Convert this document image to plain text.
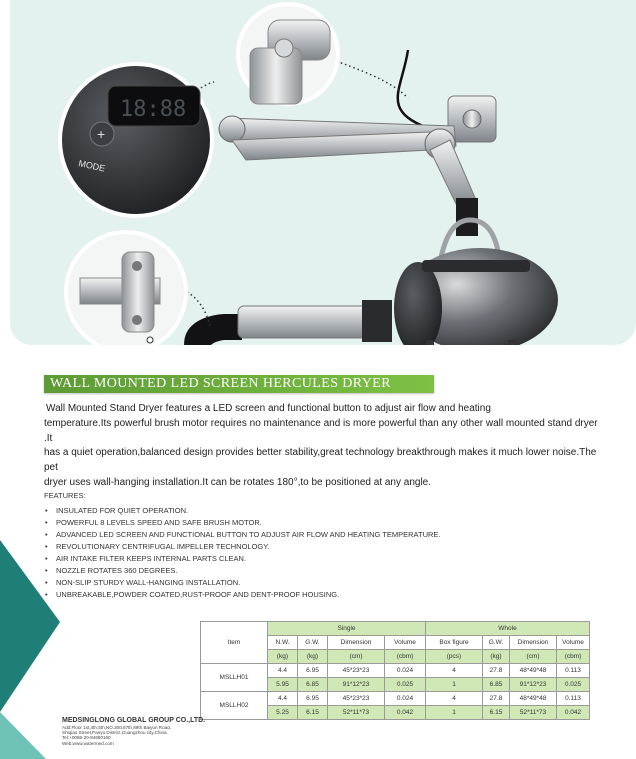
18:88
+
MODE
WALL MOUNTED LED SCREEN HERCULES DRYER
Wall Mounted Stand Dryer features a LED screen and functional button to adjust air flow and heating
temperature.Its powerful brush motor requires no maintenance and is more powerful than any other wall mounted stand dryer .It
has a quiet operation,balanced design provides better stability,great technology breakthrough makes it much lower noise.The pet
dryer uses wall-hanging installation.It can be rotates 180°,to be positioned at any angle.
FEATURES:
• INSULATED FOR QUIET OPERATION.
• POWERFUL 8 LEVELS SPEED AND SAFE BRUSH MOTOR.
• ADVANCED LED SCREEN AND FUNCTIONAL BUTTON TO ADJUST AIR FLOW AND HEATING TEMPERATURE.
• REVOLUTIONARY CENTRIFUGAL IMPELLER TECHNOLOGY.
• AIR INTAKE FILTER KEEPS INTERNAL PARTS CLEAN.
• NOZZLE ROTATES 360 DEGREES.
• NON-SLIP STURDY WALL-HANGING INSTALLATION.
• UNBREAKABLE,POWDER COATED,RUST-PROOF AND DENT-PROOF HOUSING.
Item	Single				Whole			
	N.W.	G.W.	Dimension	Volume	Box figure	G.W.	Dimension	Volume
	(kg)	(kg)	(cm)	(cbm)	(pcs)	(kg)	(cm)	(cbm)
MSLLH01	4.4	6.95	45*23*23	0.024	4	27.8	48*49*48	0.113
	5.95	6.85	91*12*23	0.025	1	6.85	91*12*23	0.025
MSLLH02	4.4	6.95	45*23*23	0.024	4	27.8	48*49*48	0.113
	5.25	6.15	52*11*73	0.042	1	6.15	52*11*73	0.042
MEDSINGLONG GLOBAL GROUP CO.,LTD.
Add:Floor 1st,4th,5th,NO.300,87th,89th Baiyun Road,
Shiqiao Street,Panyu District,Guangzhou city,China.
Tel:+0086-20-84680160
Web:www.watermed.com
